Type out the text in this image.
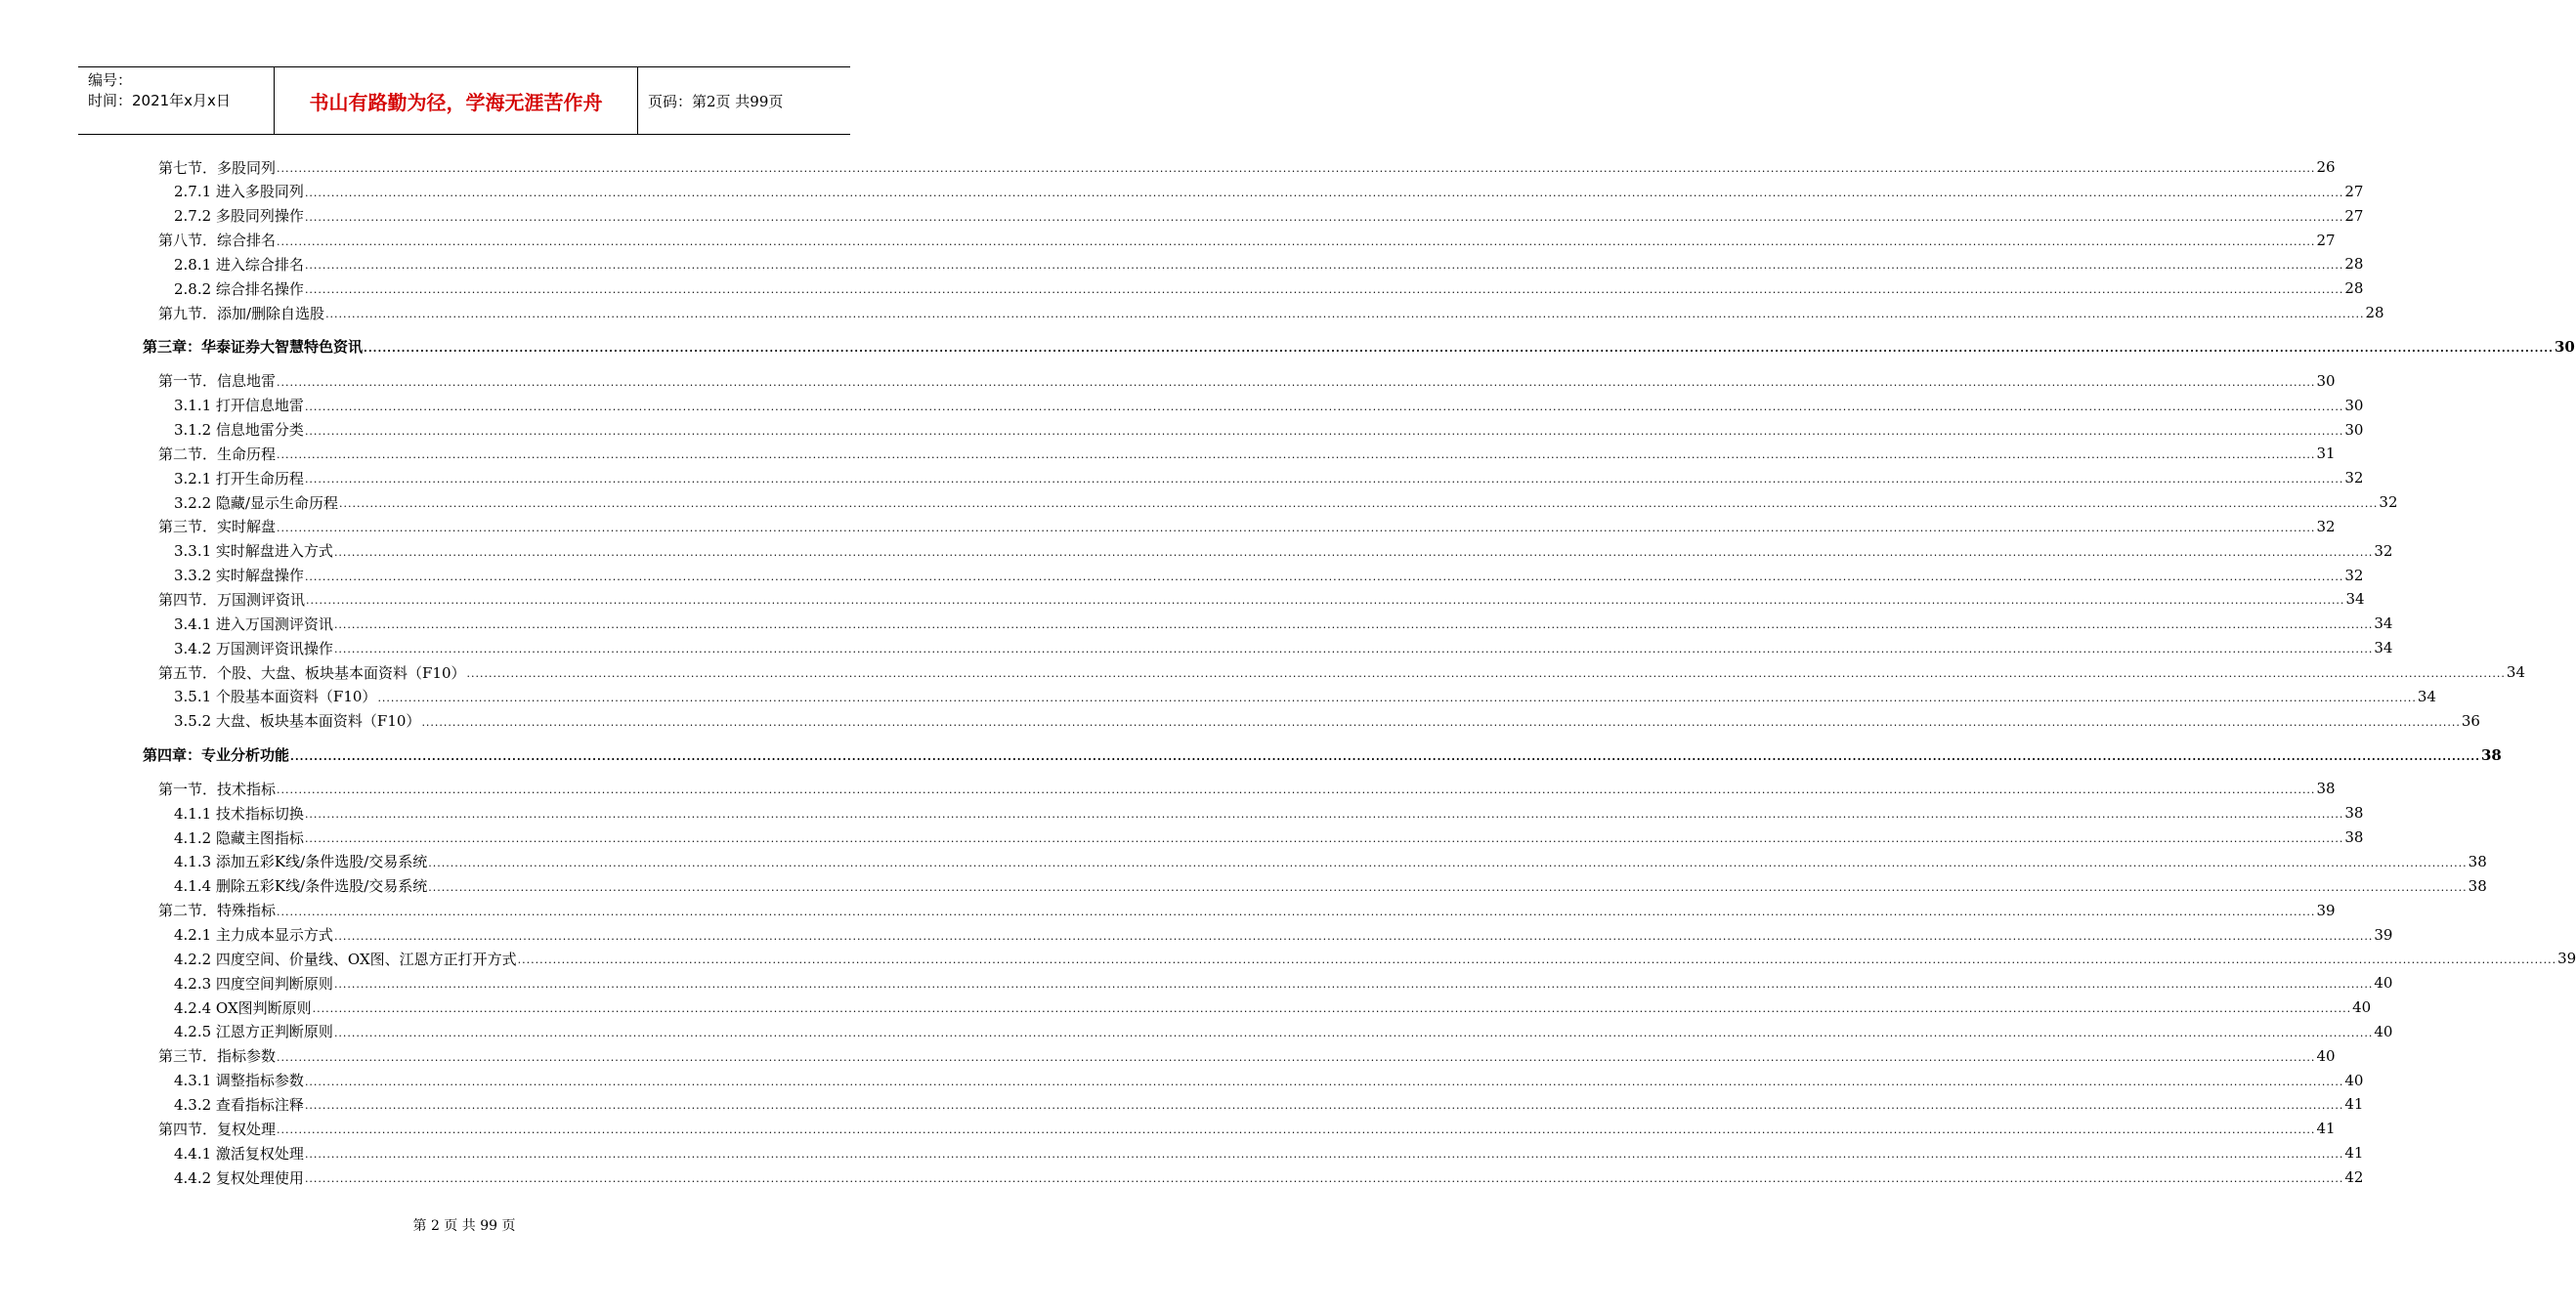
编号：
时间：2021年x月x日	书山有路勤为径，学海无涯苦作舟	页码：第2页 共99页
第七节．多股同列 .....	26
2.7.1 进入多股同列 .....	27
2.7.2 多股同列操作 .....	27
第八节．综合排名 .....	27
2.8.1 进入综合排名 .....	28
2.8.2 综合排名操作 .....	28
第九节．添加/删除自选股 .....	28
第三章：华泰证券大智慧特色资讯 .....	30
第一节．信息地雷 .....	30
3.1.1 打开信息地雷 .....	30
3.1.2 信息地雷分类 .....	30
第二节．生命历程 .....	31
3.2.1 打开生命历程 .....	32
3.2.2 隐藏/显示生命历程 .....	32
第三节．实时解盘 .....	32
3.3.1 实时解盘进入方式 .....	32
3.3.2 实时解盘操作 .....	32
第四节．万国测评资讯 .....	34
3.4.1 进入万国测评资讯 .....	34
3.4.2 万国测评资讯操作 .....	34
第五节．个股、大盘、板块基本面资料（F10） .....	34
3.5.1 个股基本面资料（F10） .....	34
3.5.2 大盘、板块基本面资料（F10） .....	36
第四章：专业分析功能 .....	38
第一节．技术指标 .....	38
4.1.1 技术指标切换 .....	38
4.1.2 隐藏主图指标 .....	38
4.1.3 添加五彩K线/条件选股/交易系统 .....	38
4.1.4 删除五彩K线/条件选股/交易系统 .....	38
第二节．特殊指标 .....	39
4.2.1 主力成本显示方式 .....	39
4.2.2 四度空间、价量线、OX图、江恩方正打开方式 .....	39
4.2.3 四度空间判断原则 .....	40
4.2.4 OX图判断原则 .....	40
4.2.5 江恩方正判断原则 .....	40
第三节．指标参数 .....	40
4.3.1 调整指标参数 .....	40
4.3.2 查看指标注释 .....	41
第四节．复权处理 .....	41
4.4.1 激活复权处理 .....	41
4.4.2 复权处理使用 .....	42
第 2 页 共 99 页
